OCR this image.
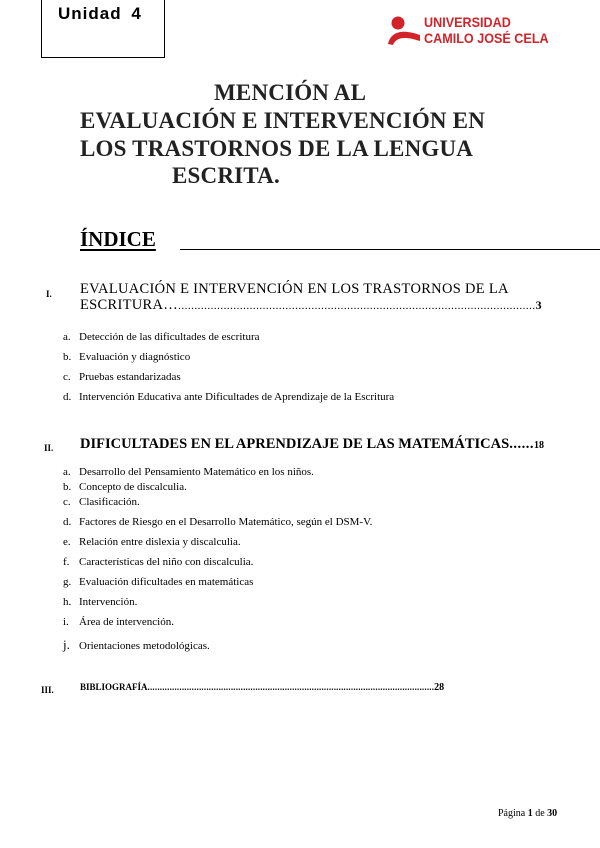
Unidad 4	UNIVERSIDAD
CAMILO JOSÉ CELA
MENCIÓN AL
EVALUACIÓN E INTERVENCIÓN EN
LOS TRASTORNOS DE LA LENGUA
ESCRITA.
ÍNDICE
I. EVALUACIÓN E INTERVENCIÓN EN LOS TRASTORNOS DE LA
ESCRITURA…..............................................................................................................3
a. Detección de las dificultades de escritura
b. Evaluación y diagnóstico
c. Pruebas estandarizadas
d. Intervención Educativa ante Dificultades de Aprendizaje de la Escritura
II. DIFICULTADES EN EL APRENDIZAJE DE LAS MATEMÁTICAS......18
a. Desarrollo del Pensamiento Matemático en los niños.
b. Concepto de discalculia.
c. Clasificación.
d. Factores de Riesgo en el Desarrollo Matemático, según el DSM-V.
e. Relación entre dislexia y discalculia.
f. Características del niño con discalculia.
g. Evaluación dificultades en matemáticas
h. Intervención.
i. Área de intervención.
j. Orientaciones metodológicas.
III.	BIBLIOGRAFÍA.....................................................................................................................28
Página 1 de 30
